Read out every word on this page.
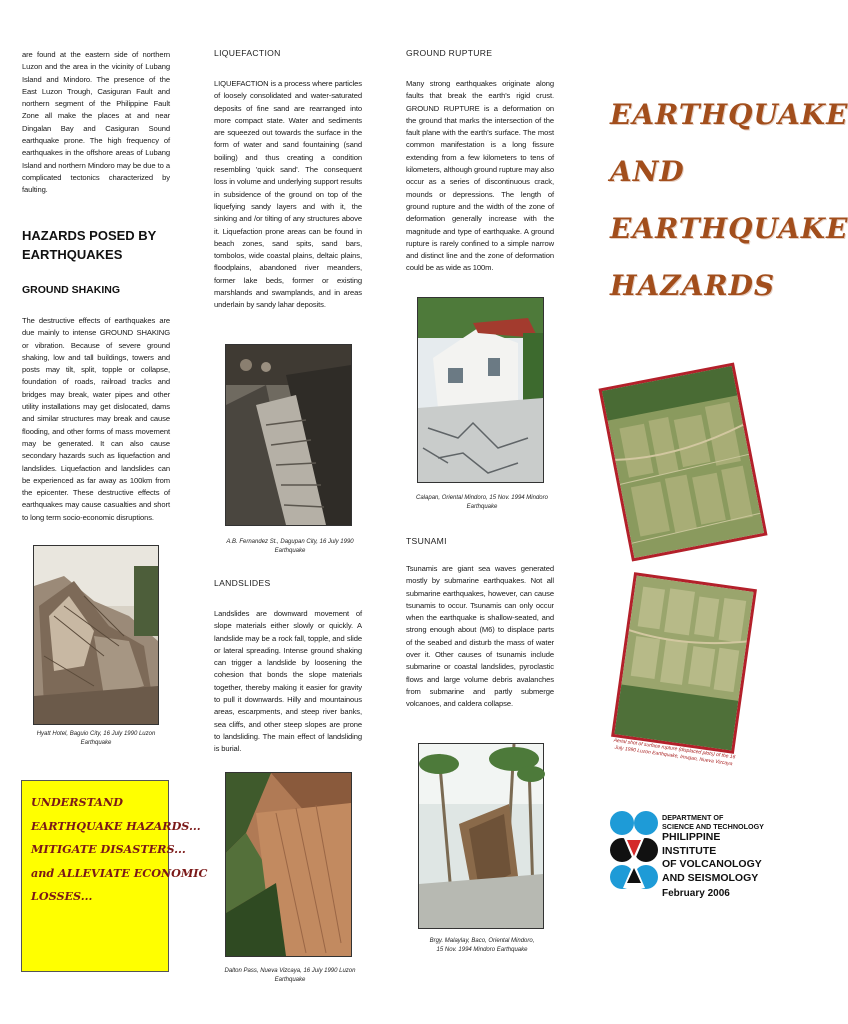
are found at the eastern side of northern Luzon and the area in the vicinity of Lubang Island and Mindoro. The presence of the East Luzon Trough, Casiguran Fault and northern segment of the Philippine Fault Zone all make the places at and near Dingalan Bay and Casiguran Sound earthquake prone. The high frequency of earthquakes in the offshore areas of Lubang Island and northern Mindoro may be due to a complicated tectonics characterized by faulting.

HAZARDS POSED BY
EARTHQUAKES
GROUND SHAKING

The destructive effects of earthquakes are due mainly to intense GROUND SHAKING or vibration. Because of severe ground shaking, low and tall buildings, towers and posts may tilt, split, topple or collapse, foundation of roads, railroad tracks and bridges may break, water pipes and other utility installations may get dislocated, dams and similar structures may break and cause flooding, and other forms of mass movement may be generated. It can also cause secondary hazards such as liquefaction and landslides. Liquefaction and landslides can be experienced as far away as 100km from the epicenter. These destructive effects of earthquakes may cause casualties and short to long term socio-economic disruptions.

Hyatt Hotel, Baguio City, 16 July 1990 Luzon Earthquake
UNDERSTAND
EARTHQUAKE HAZARDS...
MITIGATE DISASTERS...
and ALLEVIATE ECONOMIC
LOSSES...
LIQUEFACTION

LIQUEFACTION is a process where particles of loosely consolidated and water-saturated deposits of fine sand are rearranged into more compact state. Water and sediments are squeezed out towards the surface in the form of water and sand fountaining (sand boiling) and thus creating a condition resembling 'quick sand'. The consequent loss in volume and underlying support results in subsidence of the ground on top of the liquefying sandy layers and with it, the sinking and /or tilting of any structures above it. Liquefaction prone areas can be found in beach zones, sand spits, sand bars, tombolos, wide coastal plains, deltaic plains, floodplains, abandoned river meanders, former lake beds, former or existing marshlands and swamplands, and in areas underlain by sandy lahar deposits.

A.B. Fernandez St., Dagupan City, 16 July 1990 Earthquake
LANDSLIDES

Landslides are downward movement of slope materials either slowly or quickly. A landslide may be a rock fall, topple, and slide or lateral spreading. Intense ground shaking can trigger a landslide by loosening the cohesion that bonds the slope materials together, thereby making it easier for gravity to pull it downwards. Hilly and mountainous areas, escarpments, and steep river banks, sea cliffs, and other steep slopes are prone to landsliding. The main effect of landsliding is burial.

Dalton Pass, Nueva Vizcaya, 16 July 1990 Luzon Earthquake
GROUND RUPTURE

Many strong earthquakes originate along faults that break the earth's rigid crust. GROUND RUPTURE is a deformation on the ground that marks the intersection of the fault plane with the earth's surface. The most common manifestation is a long fissure extending from a few kilometers to tens of kilometers, although ground rupture may also occur as a series of discontinuous crack, mounds or depressions. The length of ground rupture and the width of the zone of deformation generally increase with the magnitude and type of earthquake. A ground rupture is rarely confined to a simple narrow and distinct line and the zone of deformation could be as wide as 100m.

Calapan, Oriental Mindoro, 15 Nov. 1994 Mindoro Earthquake
TSUNAMI

Tsunamis are giant sea waves generated mostly by submarine earthquakes. Not all submarine earthquakes, however, can cause tsunamis to occur. Tsunamis can only occur when the earthquake is shallow-seated, and strong enough about (M6) to displace parts of the seabed and disturb the mass of water over it. Other causes of tsunamis include submarine or coastal landslides, pyroclastic flows and large volume debris avalanches from submarine and partly submerge volcanoes, and caldera collapse.

Brgy. Malaylay, Baco, Oriental Mindoro,
15 Nov. 1994 Mindoro Earthquake
EARTHQUAKE
AND
EARTHQUAKE
HAZARDS
Aerial shot of surface rupture (displaced plots) of the 16 July 1990 Luzon Earthquake, Imugan, Nueva Vizcaya
DEPARTMENT OF
SCIENCE AND TECHNOLOGY
PHILIPPINE INSTITUTE
OF VOLCANOLOGY
AND SEISMOLOGY
February 2006
